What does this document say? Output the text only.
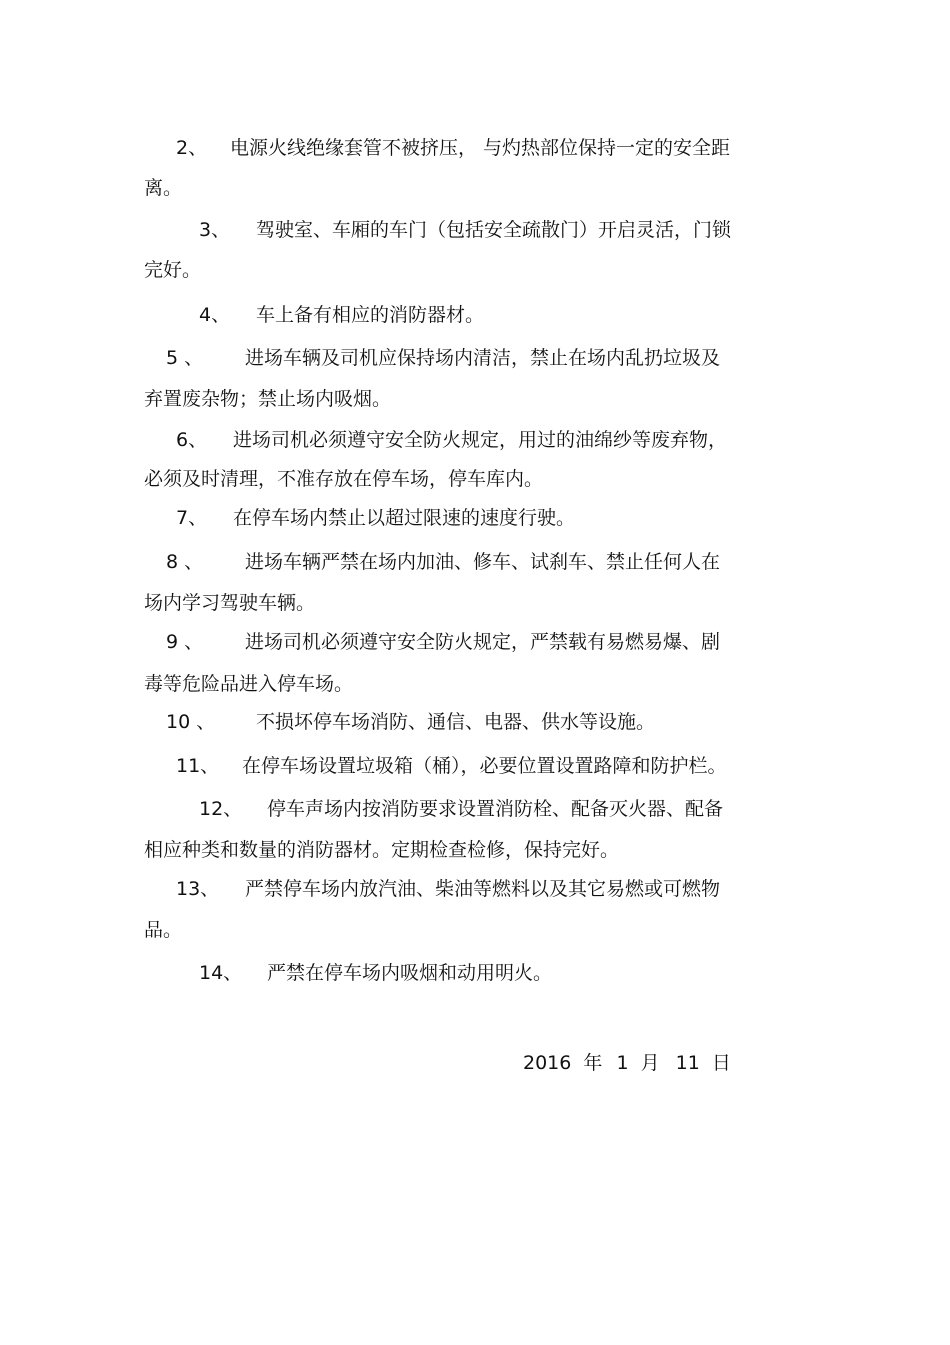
2、 电源火线绝缘套管不被挤压， 与灼热部位保持一定的安全距
离。
3、 驾驶室、车厢的车门（包括安全疏散门）开启灵活，门锁
完好。
4、 车上备有相应的消防器材。
5 、 进场车辆及司机应保持场内清洁，禁止在场内乱扔垃圾及
弃置废杂物；禁止场内吸烟。
6、 进场司机必须遵守安全防火规定，用过的油绵纱等废弃物，
必须及时清理，不准存放在停车场，停车库内。
7、 在停车场内禁止以超过限速的速度行驶。
8 、 进场车辆严禁在场内加油、修车、试刹车、禁止任何人在
场内学习驾驶车辆。
9 、 进场司机必须遵守安全防火规定，严禁载有易燃易爆、剧
毒等危险品进入停车场。
10 、 不损坏停车场消防、通信、电器、供水等设施。
11、 在停车场设置垃圾箱（桶），必要位置设置路障和防护栏。
12、 停车声场内按消防要求设置消防栓、配备灭火器、配备
相应种类和数量的消防器材。定期检查检修，保持完好。
13、 严禁停车场内放汽油、柴油等燃料以及其它易燃或可燃物
品。
14、 严禁在停车场内吸烟和动用明火。
2016 年 1 月 11 日
